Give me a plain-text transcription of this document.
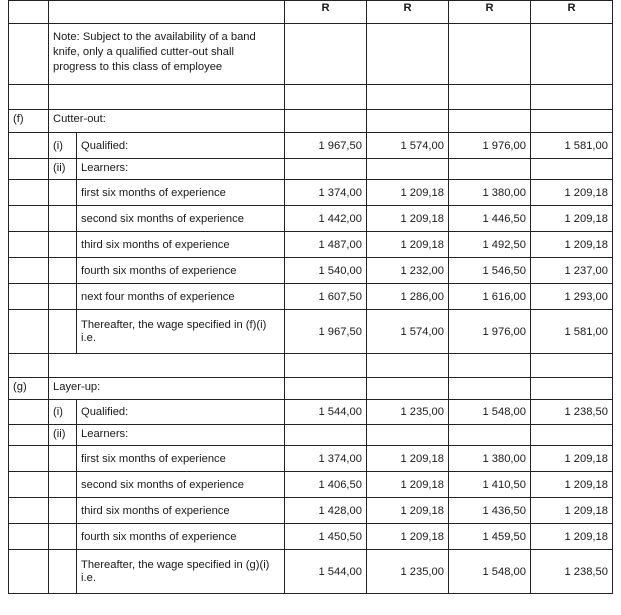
			R	R	R	R

	Note: Subject to the availability of a band knife, only a qualified cutter-out shall progress to this class of employee					

(f)	Cutter-out:					
	(i)	Qualified:	1 967,50	1 574,00	1 976,00	1 581,00
	(ii)	Learners:				
		first six months of experience	1 374,00	1 209,18	1 380,00	1 209,18
		second six months of experience	1 442,00	1 209,18	1 446,50	1 209,18
		third six months of experience	1 487,00	1 209,18	1 492,50	1 209,18
		fourth six months of experience	1 540,00	1 232,00	1 546,50	1 237,00
		next four months of experience	1 607,50	1 286,00	1 616,00	1 293,00

		Thereafter, the wage specified in (f)(i) i.e.	1 967,50	1 574,00	1 976,00	1 581,00

(g)	Layer-up:					
	(i)	Qualified:	1 544,00	1 235,00	1 548,00	1 238,50
	(ii)	Learners:				
		first six months of experience	1 374,00	1 209,18	1 380,00	1 209,18
		second six months of experience	1 406,50	1 209,18	1 410,50	1 209,18
		third six months of experience	1 428,00	1 209,18	1 436,50	1 209,18
		fourth six months of experience	1 450,50	1 209,18	1 459,50	1 209,18

		Thereafter, the wage specified in (g)(i) i.e.	1 544,00	1 235,00	1 548,00	1 238,50
